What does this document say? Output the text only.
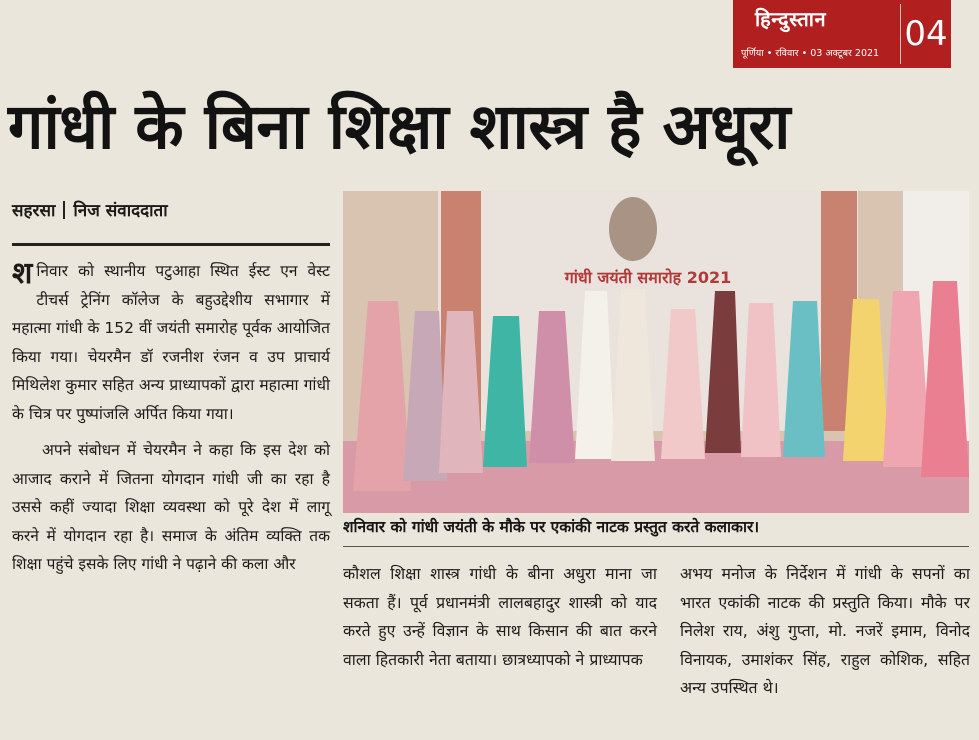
हिन्दुस्तान
पूर्णिया • रविवार • 03 अक्टूबर 2021 04
गांधी के बिना शिक्षा शास्त्र है अधूरा
सहरसा निज संवाददाता

शनिवार को स्थानीय पटुआहा स्थित ईस्ट एन वेस्ट टीचर्स ट्रेनिंग कॉलेज के बहुउद्देशीय सभागार में महात्मा गांधी के 152 वीं जयंती समारोह पूर्वक आयोजित किया गया। चेयरमैन डॉ रजनीश रंजन व उप प्राचार्य मिथिलेश कुमार सहित अन्य प्राध्यापकों द्वारा महात्मा गांधी के चित्र पर पुष्पांजलि अर्पित किया गया।

अपने संबोधन में चेयरमैन ने कहा कि इस देश को आजाद कराने में जितना योगदान गांधी जी का रहा है उससे कहीं ज्यादा शिक्षा व्यवस्था को पूरे देश में लागू करने में योगदान रहा है। समाज के अंतिम व्यक्ति तक शिक्षा पहुंचे इसके लिए गांधी ने पढ़ाने की कला और

गांधी जयंती समारोह 2021
शनिवार को गांधी जयंती के मौके पर एकांकी नाटक प्रस्तुत करते कलाकार।

कौशल शिक्षा शास्त्र गांधी के बीना अधुरा माना जा सकता हैं। पूर्व प्रधानमंत्री लालबहादुर शास्त्री को याद करते हुए उन्हें विज्ञान के साथ किसान की बात करने वाला हितकारी नेता बताया। छात्रध्यापको ने प्राध्यापक

अभय मनोज के निर्देशन में गांधी के सपनों का भारत एकांकी नाटक की प्रस्तुति किया। मौके पर निलेश राय, अंशु गुप्ता, मो. नजरें इमाम, विनोद विनायक, उमाशंकर सिंह, राहुल कोशिक, सहित अन्य उपस्थित थे।
